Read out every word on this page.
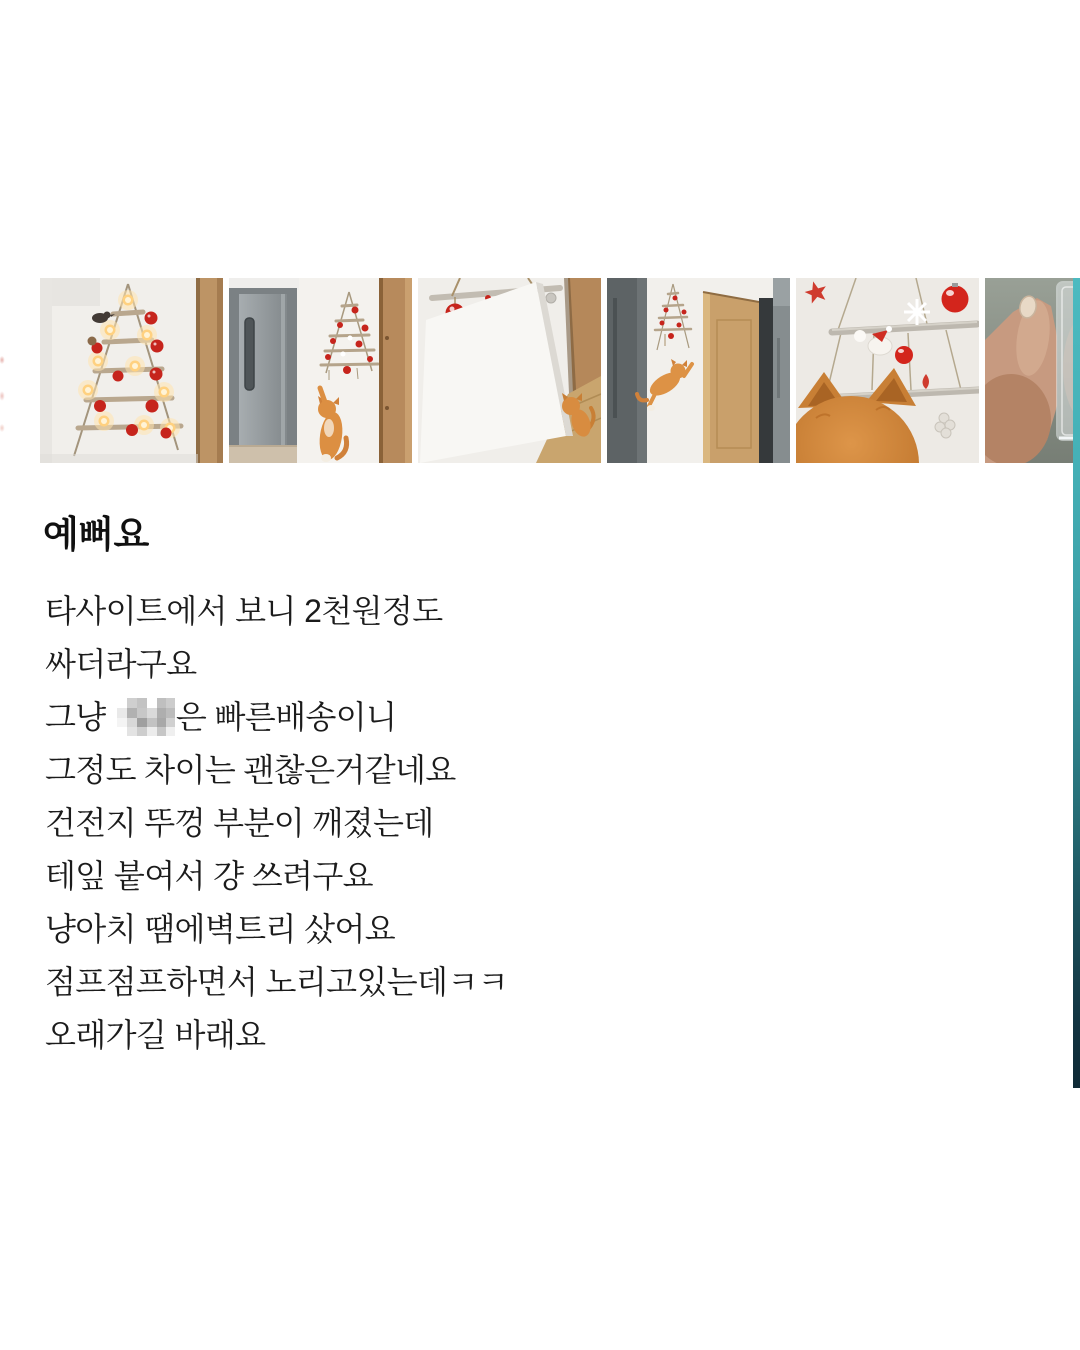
예뻐요
타사이트에서 보니 2천원정도
싸더라구요
그냥
은 빠른배송이니
그정도 차이는 괜찮은거같네요
건전지 뚜껑 부분이 깨졌는데
테잎 붙여서 걍 쓰려구요
냥아치 땜에벽트리 샀어요
점프점프하면서 노리고있는데ㅋㅋ
오래가길 바래요
